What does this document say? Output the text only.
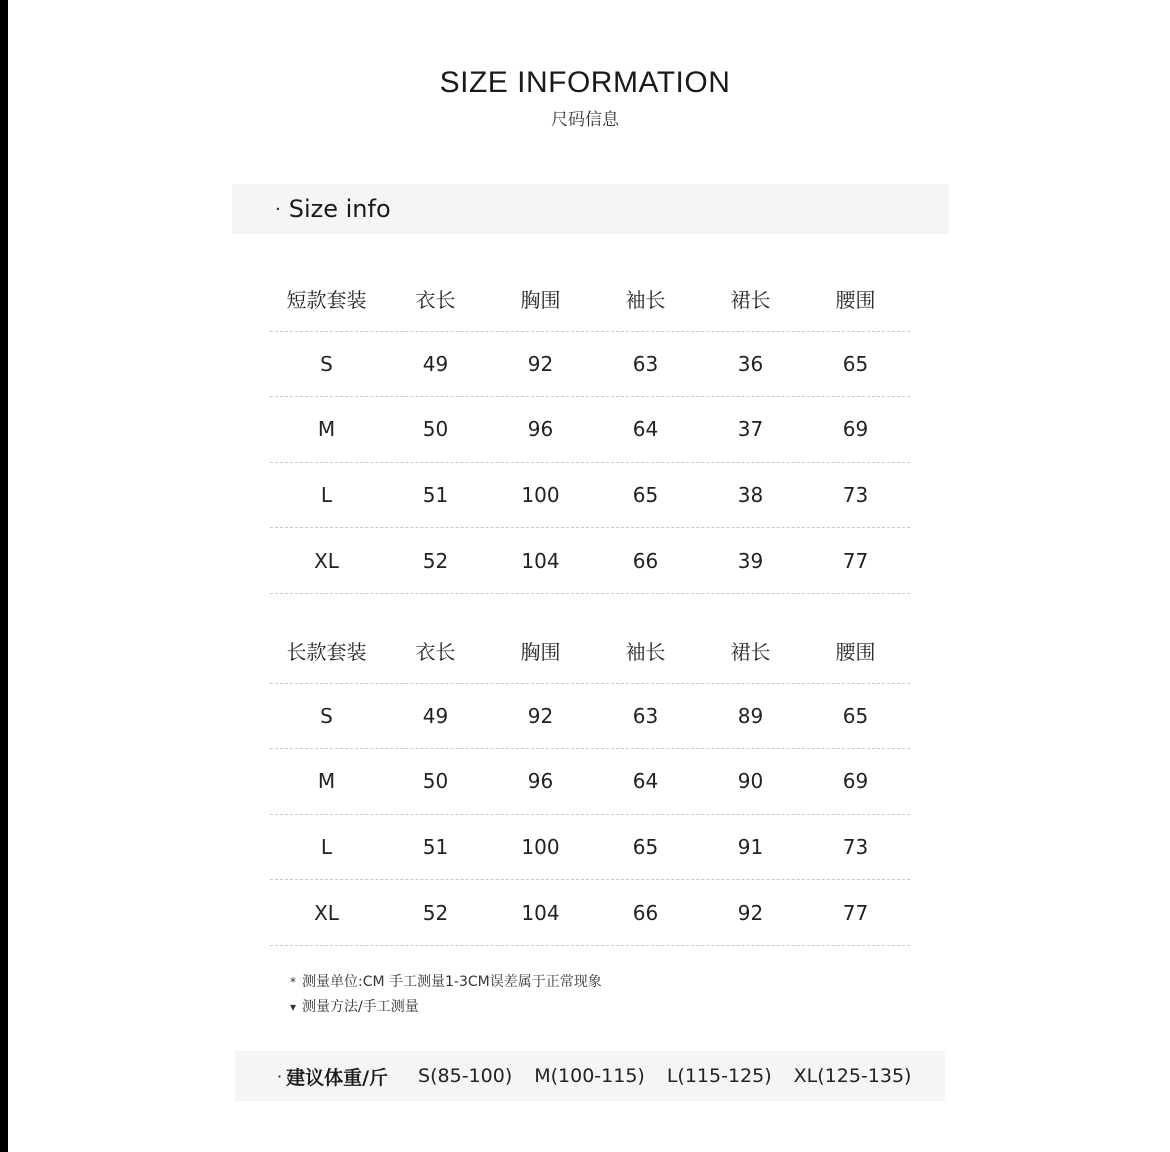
SIZE INFORMATION
尺码信息
· Size info
短款套装	衣长	胸围	袖长	裙长	腰围
S	49	92	63	36	65
M	50	96	64	37	69
L	51	100	65	38	73
XL	52	104	66	39	77
长款套装	衣长	胸围	袖长	裙长	腰围
S	49	92	63	89	65
M	50	96	64	90	69
L	51	100	65	91	73
XL	52	104	66	92	77
* 测量单位:CM 手工测量1-3CM误差属于正常现象
▾ 测量方法/手工测量
· 建议体重/斤 S(85-100) M(100-115) L(115-125) XL(125-135)
